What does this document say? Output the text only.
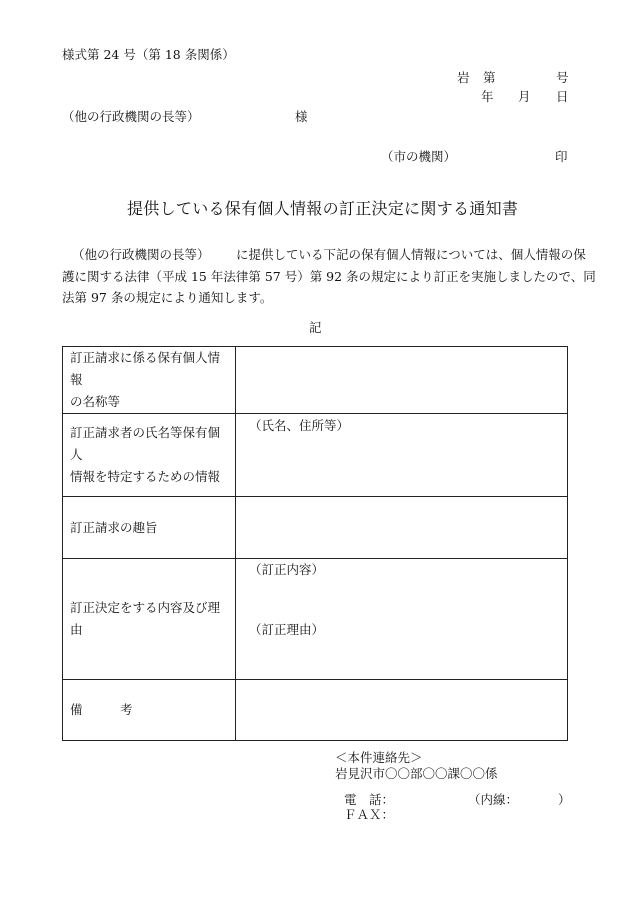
様式第 24 号（第 18 条関係）
岩 第	号
年 月 日
（他の行政機関の長等）	様
（市の機関）	印
提供している保有個人情報の訂正決定に関する通知書
（他の行政機関の長等） に提供している下記の保有個人情報については、個人情報の保
護に関する法律（平成 15 年法律第 57 号）第 92 条の規定により訂正を実施しましたので、同
法第 97 条の規定により通知します。
記
訂正請求に係る保有個人情報
の名称等	

訂正請求者の氏名等保有個人
情報を特定するための情報	（氏名、住所等）

訂正請求の趣旨	

訂正決定をする内容及び理由	（訂正内容）
（訂正理由）

備　　　考	

＜本件連絡先＞
岩見沢市〇〇部〇〇課〇〇係
電　話：	（内線：	）
ＦＡＸ：
